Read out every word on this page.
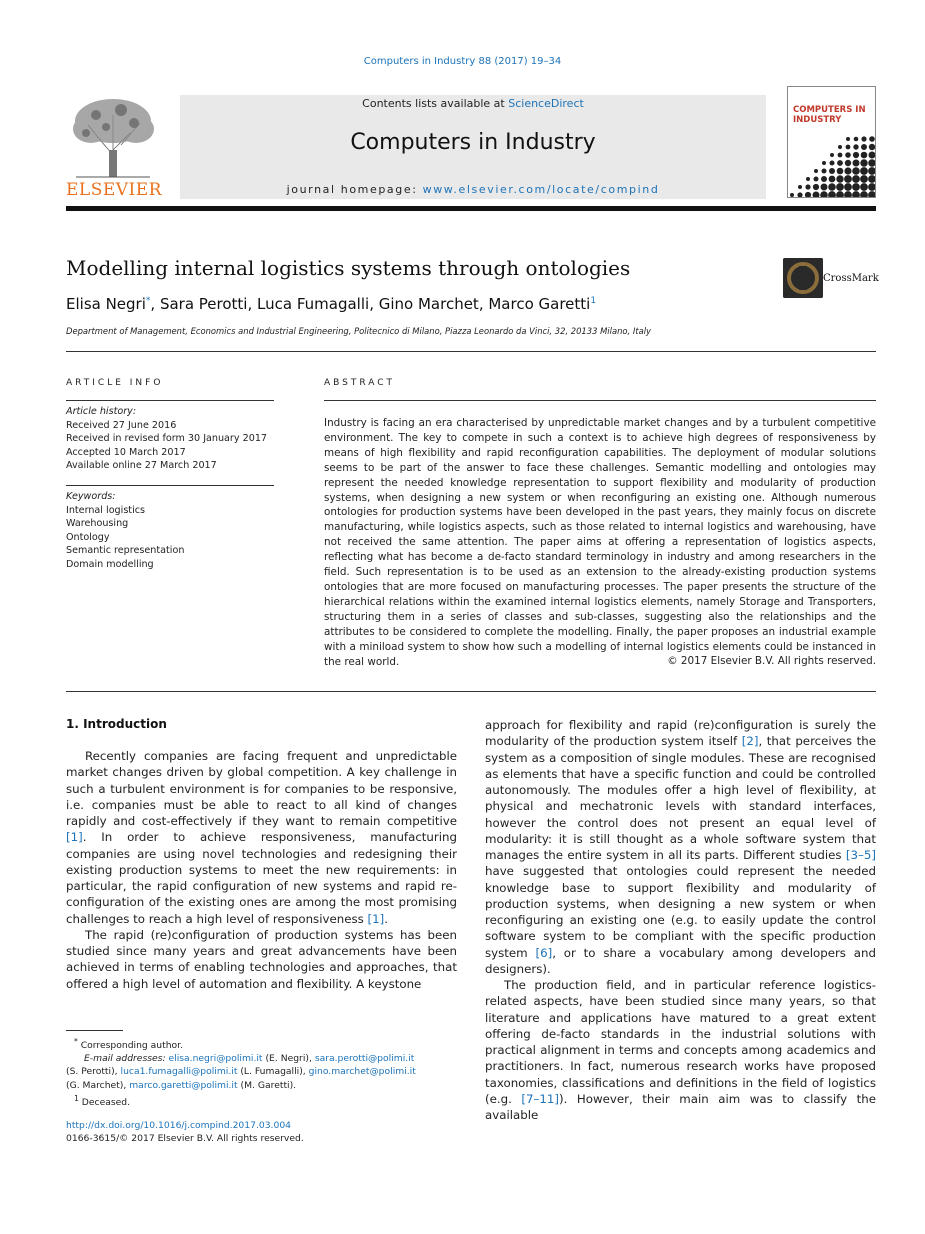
Computers in Industry 88 (2017) 19–34
ELSEVIER
Contents lists available at ScienceDirect
Computers in Industry
journal homepage: www.elsevier.com/locate/compind
COMPUTERS IN
INDUSTRY
Modelling internal logistics systems through ontologies	CrossMark
Elisa Negri*, Sara Perotti, Luca Fumagalli, Gino Marchet, Marco Garetti$^1$
Department of Management, Economics and Industrial Engineering, Politecnico di Milano, Piazza Leonardo da Vinci, 32, 20133 Milano, Italy
ARTICLE INFO
Article history:
Received 27 June 2016
Received in revised form 30 January 2017
Accepted 10 March 2017
Available online 27 March 2017
Keywords:
Internal logistics
Warehousing
Ontology
Semantic representation
Domain modelling
ABSTRACT
Industry is facing an era characterised by unpredictable market changes and by a turbulent competitive environment. The key to compete in such a context is to achieve high degrees of responsiveness by means of high flexibility and rapid reconfiguration capabilities. The deployment of modular solutions seems to be part of the answer to face these challenges. Semantic modelling and ontologies may represent the needed knowledge representation to support flexibility and modularity of production systems, when designing a new system or when reconfiguring an existing one. Although numerous ontologies for production systems have been developed in the past years, they mainly focus on discrete manufacturing, while logistics aspects, such as those related to internal logistics and warehousing, have not received the same attention. The paper aims at offering a representation of logistics aspects, reflecting what has become a de-facto standard terminology in industry and among researchers in the field. Such representation is to be used as an extension to the already-existing production systems ontologies that are more focused on manufacturing processes. The paper presents the structure of the hierarchical relations within the examined internal logistics elements, namely Storage and Transporters, structuring them in a series of classes and sub-classes, suggesting also the relationships and the attributes to be considered to complete the modelling. Finally, the paper proposes an industrial example with a miniload system to show how such a modelling of internal logistics elements could be instanced in the real world.	© 2017 Elsevier B.V. All rights reserved.
1. Introduction

Recently companies are facing frequent and unpredictable market changes driven by global competition. A key challenge in such a turbulent environment is for companies to be responsive, i.e. companies must be able to react to all kind of changes rapidly and cost-effectively if they want to remain competitive [1]. In order to achieve responsiveness, manufacturing companies are using novel technologies and redesigning their existing production systems to meet the new requirements: in particular, the rapid configuration of new systems and rapid re-configuration of the existing ones are among the most promising challenges to reach a high level of responsiveness [1].

The rapid (re)configuration of production systems has been studied since many years and great advancements have been achieved in terms of enabling technologies and approaches, that offered a high level of automation and flexibility. A keystone

approach for flexibility and rapid (re)configuration is surely the modularity of the production system itself [2], that perceives the system as a composition of single modules. These are recognised as elements that have a specific function and could be controlled autonomously. The modules offer a high level of flexibility, at physical and mechatronic levels with standard interfaces, however the control does not present an equal level of modularity: it is still thought as a whole software system that manages the entire system in all its parts. Different studies [3–5] have suggested that ontologies could represent the needed knowledge base to support flexibility and modularity of production systems, when designing a new system or when reconfiguring an existing one (e.g. to easily update the control software system to be compliant with the specific production system [6], or to share a vocabulary among developers and designers).

The production field, and in particular reference logistics-related aspects, have been studied since many years, so that literature and applications have matured to a great extent offering de-facto standards in the industrial solutions with practical alignment in terms and concepts among academics and practitioners. In fact, numerous research works have proposed taxonomies, classifications and definitions in the field of logistics (e.g. [7–11]). However, their main aim was to classify the available

* Corresponding author.
E-mail addresses: elisa.negri@polimi.it (E. Negri), sara.perotti@polimi.it
(S. Perotti), luca1.fumagalli@polimi.it (L. Fumagalli), gino.marchet@polimi.it
(G. Marchet), marco.garetti@polimi.it (M. Garetti).
$^1$ Deceased.
http://dx.doi.org/10.1016/j.compind.2017.03.004
0166-3615/© 2017 Elsevier B.V. All rights reserved.
